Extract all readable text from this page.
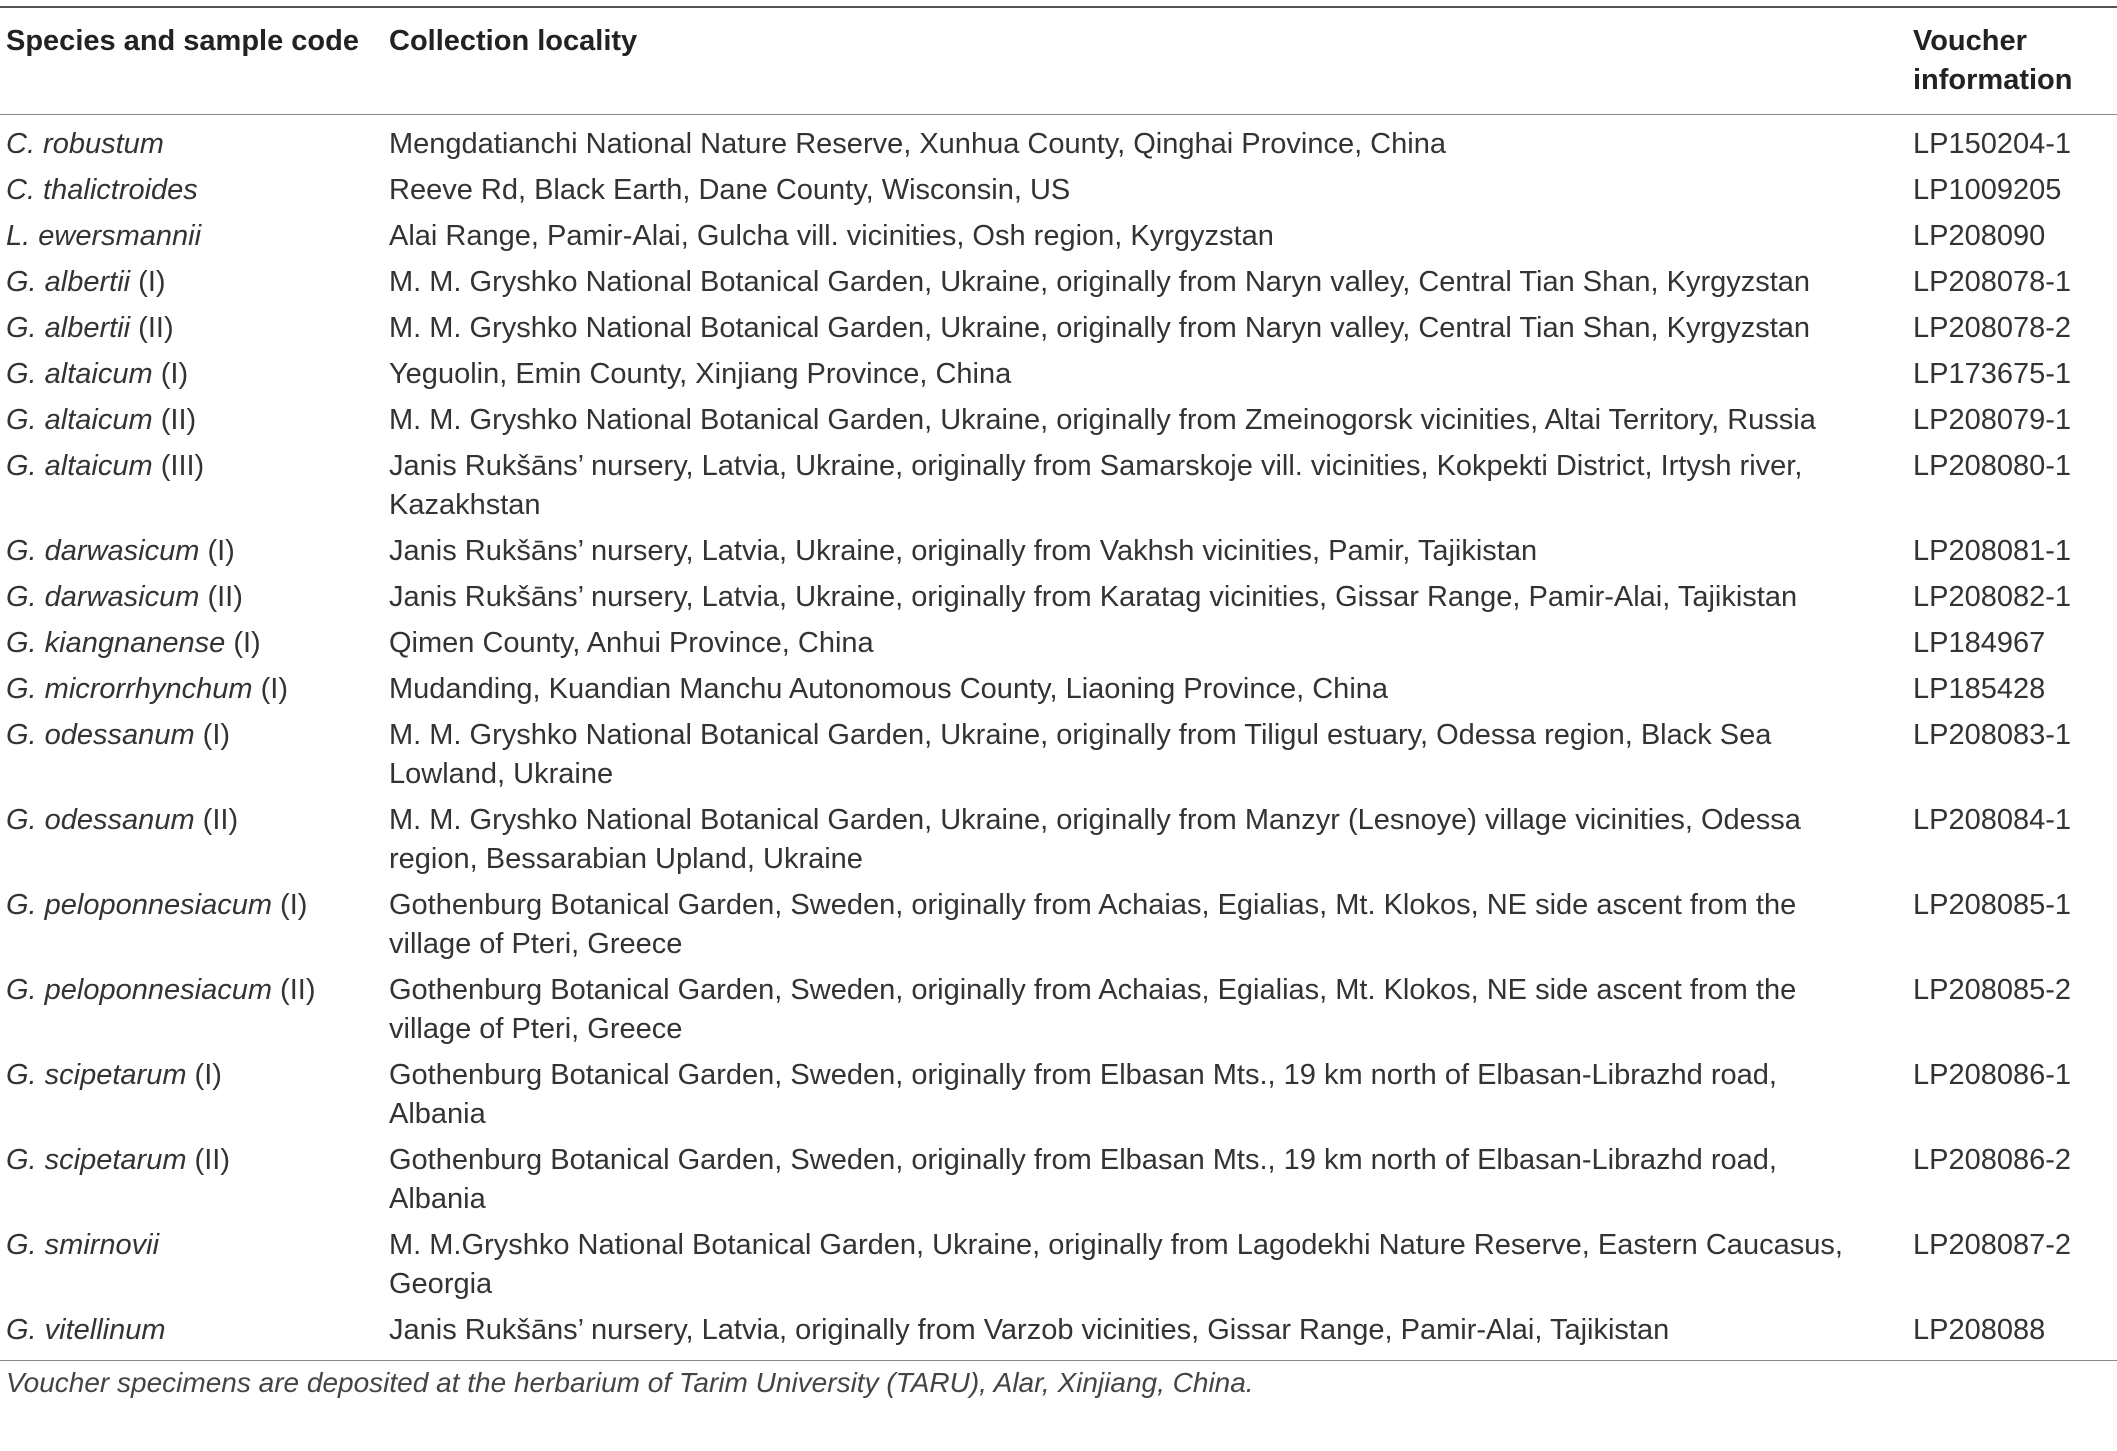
Species and sample code	Collection locality	Voucher information
C. robustum	Mengdatianchi National Nature Reserve, Xunhua County, Qinghai Province, China	LP150204-1
C. thalictroides	Reeve Rd, Black Earth, Dane County, Wisconsin, US	LP1009205
L. ewersmannii	Alai Range, Pamir-Alai, Gulcha vill. vicinities, Osh region, Kyrgyzstan	LP208090
G. albertii (I)	M. M. Gryshko National Botanical Garden, Ukraine, originally from Naryn valley, Central Tian Shan, Kyrgyzstan	LP208078-1
G. albertii (II)	M. M. Gryshko National Botanical Garden, Ukraine, originally from Naryn valley, Central Tian Shan, Kyrgyzstan	LP208078-2
G. altaicum (I)	Yeguolin, Emin County, Xinjiang Province, China	LP173675-1
G. altaicum (II)	M. M. Gryshko National Botanical Garden, Ukraine, originally from Zmeinogorsk vicinities, Altai Territory, Russia	LP208079-1
G. altaicum (III)	Janis Rukšāns’ nursery, Latvia, Ukraine, originally from Samarskoje vill. vicinities, Kokpekti District, Irtysh river, Kazakhstan	LP208080-1
G. darwasicum (I)	Janis Rukšāns’ nursery, Latvia, Ukraine, originally from Vakhsh vicinities, Pamir, Tajikistan	LP208081-1
G. darwasicum (II)	Janis Rukšāns’ nursery, Latvia, Ukraine, originally from Karatag vicinities, Gissar Range, Pamir-Alai, Tajikistan	LP208082-1
G. kiangnanense (I)	Qimen County, Anhui Province, China	LP184967
G. microrrhynchum (I)	Mudanding, Kuandian Manchu Autonomous County, Liaoning Province, China	LP185428
G. odessanum (I)	M. M. Gryshko National Botanical Garden, Ukraine, originally from Tiligul estuary, Odessa region, Black Sea Lowland, Ukraine	LP208083-1
G. odessanum (II)	M. M. Gryshko National Botanical Garden, Ukraine, originally from Manzyr (Lesnoye) village vicinities, Odessa region, Bessarabian Upland, Ukraine	LP208084-1
G. peloponnesiacum (I)	Gothenburg Botanical Garden, Sweden, originally from Achaias, Egialias, Mt. Klokos, NE side ascent from the village of Pteri, Greece	LP208085-1
G. peloponnesiacum (II)	Gothenburg Botanical Garden, Sweden, originally from Achaias, Egialias, Mt. Klokos, NE side ascent from the village of Pteri, Greece	LP208085-2
G. scipetarum (I)	Gothenburg Botanical Garden, Sweden, originally from Elbasan Mts., 19 km north of Elbasan-Librazhd road, Albania	LP208086-1
G. scipetarum (II)	Gothenburg Botanical Garden, Sweden, originally from Elbasan Mts., 19 km north of Elbasan-Librazhd road, Albania	LP208086-2
G. smirnovii	M. M.Gryshko National Botanical Garden, Ukraine, originally from Lagodekhi Nature Reserve, Eastern Caucasus, Georgia	LP208087-2
G. vitellinum	Janis Rukšāns’ nursery, Latvia, originally from Varzob vicinities, Gissar Range, Pamir-Alai, Tajikistan	LP208088
Voucher specimens are deposited at the herbarium of Tarim University (TARU), Alar, Xinjiang, China.
